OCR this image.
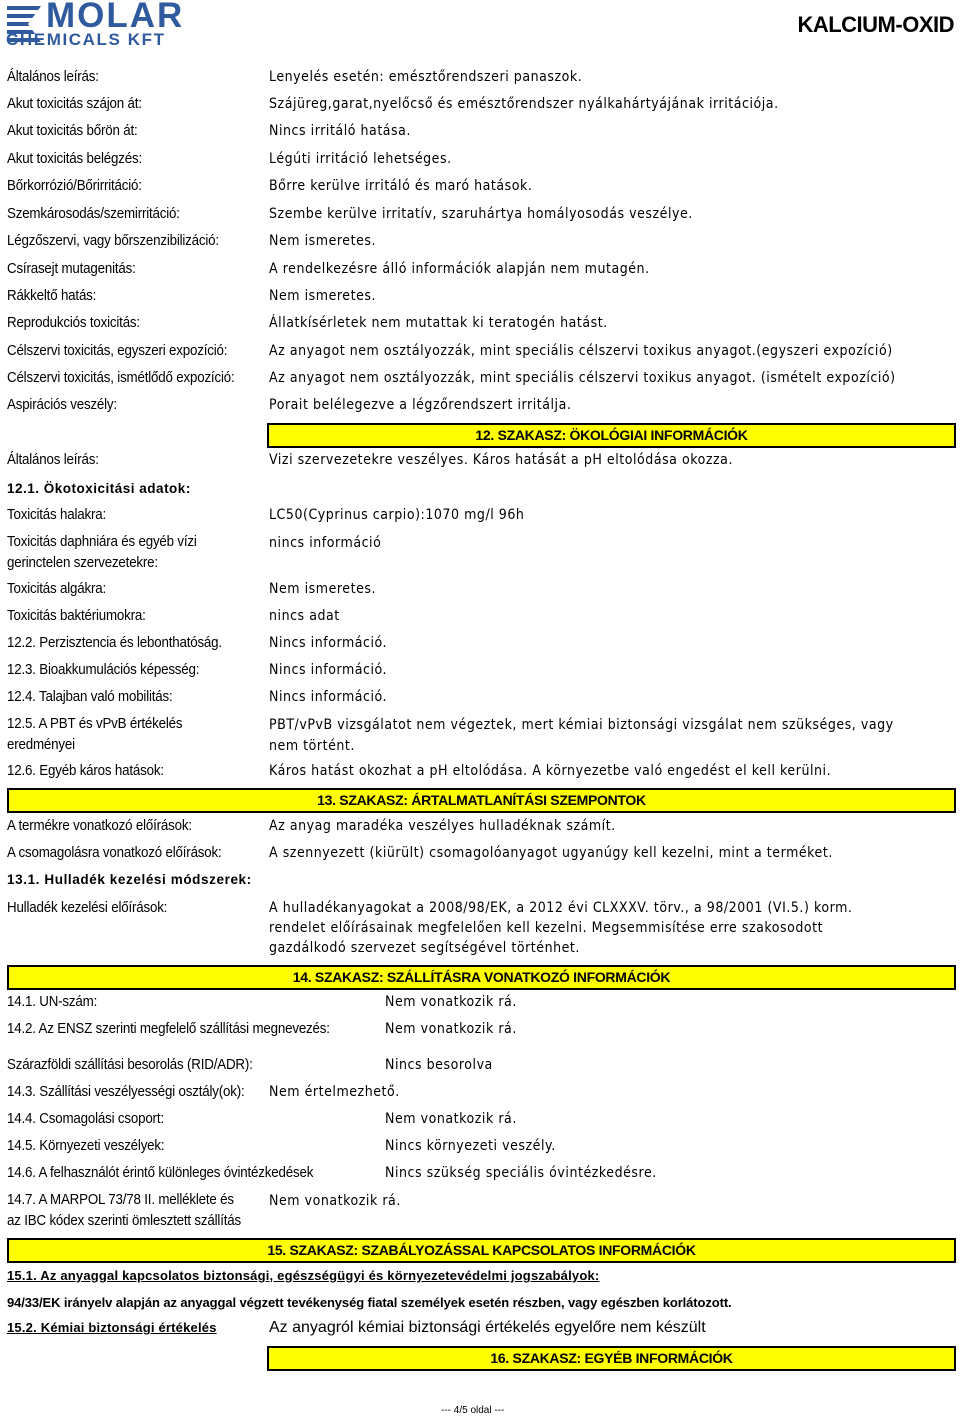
MOLAR
CHEMICALS KFT
KALCIUM-OXID
Általános leírás:	Lenyelés esetén: emésztőrendszeri panaszok.
Akut toxicitás szájon át:	Szájüreg,garat,nyelőcső és emésztőrendszer nyálkahártyájának irritációja.
Akut toxicitás bőrön át:	Nincs irritáló hatása.
Akut toxicitás belégzés:	Légúti irritáció lehetséges.
Bőrkorrózió/Bőrirritáció:	Bőrre kerülve irritáló és maró hatások.
Szemkárosodás/szemirritáció:	Szembe kerülve irritatív, szaruhártya homályosodás veszélye.
Légzőszervi, vagy bőrszenzibilizáció:	Nem ismeretes.
Csírasejt mutagenitás:	A rendelkezésre álló információk alapján nem mutagén.
Rákkeltő hatás:	Nem ismeretes.
Reprodukciós toxicitás:	Állatkísérletek nem mutattak ki teratogén hatást.
Célszervi toxicitás, egyszeri expozíció:	Az anyagot nem osztályozzák, mint speciális célszervi toxikus anyagot.(egyszeri expozíció)
Célszervi toxicitás, ismétlődő expozíció: Az anyagot nem osztályozzák, mint speciális célszervi toxikus anyagot. (ismételt expozíció)
Aspirációs veszély:	Porait belélegezve a légzőrendszert irritálja.
12. SZAKASZ: ÖKOLÓGIAI INFORMÁCIÓK
Általános leírás:	Vizi szervezetekre veszélyes. Káros hatását a pH eltolódása okozza.
12.1. Ökotoxicitási adatok:
Toxicitás halakra:	LC50(Cyprinus carpio):1070 mg/l 96h
Toxicitás daphniára és egyéb vízi
gerinctelen szervezetekre:
nincs információ
Toxicitás algákra:	Nem ismeretes.
Toxicitás baktériumokra:	nincs adat
12.2. Perzisztencia és lebonthatóság.	Nincs információ.
12.3. Bioakkumulációs képesség:	Nincs információ.
12.4. Talajban való mobilitás:	Nincs információ.
12.5. A PBT és vPvB értékelés
eredményei
PBT/vPvB vizsgálatot nem végeztek, mert kémiai biztonsági vizsgálat nem szükséges, vagy
nem történt.
12.6. Egyéb káros hatások:	Káros hatást okozhat a pH eltolódása. A környezetbe való engedést el kell kerülni.
13. SZAKASZ: ÁRTALMATLANÍTÁSI SZEMPONTOK
A termékre vonatkozó előírások:	Az anyag maradéka veszélyes hulladéknak számít.
A csomagolásra vonatkozó előírások:	A szennyezett (kiürült) csomagolóanyagot ugyanúgy kell kezelni, mint a terméket.
13.1. Hulladék kezelési módszerek:
Hulladék kezelési előírások:	A hulladékanyagokat a 2008/98/EK, a 2012 évi CLXXXV. törv., a 98/2001 (VI.5.) korm.
rendelet előírásainak megfelelően kell kezelni. Megsemmisítése erre szakosodott
gazdálkodó szervezet segítségével történhet.
14. SZAKASZ: SZÁLLÍTÁSRA VONATKOZÓ INFORMÁCIÓK
14.1. UN-szám:	Nem vonatkozik rá.
14.2. Az ENSZ szerinti megfelelő szállítási megnevezés:	Nem vonatkozik rá.
Szárazföldi szállítási besorolás (RID/ADR):	Nincs besorolva
14.3. Szállítási veszélyességi osztály(ok): Nem értelmezhető.
14.4. Csomagolási csoport:	Nem vonatkozik rá.
14.5. Környezeti veszélyek:	Nincs környezeti veszély.
14.6. A felhasználót érintő különleges óvintézkedések	Nincs szükség speciális óvintézkedésre.
14.7. A MARPOL 73/78 II. melléklete és
az IBC kódex szerinti ömlesztett szállítás
Nem vonatkozik rá.
15. SZAKASZ: SZABÁLYOZÁSSAL KAPCSOLATOS INFORMÁCIÓK
15.1. Az anyaggal kapcsolatos biztonsági, egészségügyi és környezetevédelmi jogszabályok:
94/33/EK irányelv alapján az anyaggal végzett tevékenység fiatal személyek esetén részben, vagy egészben korlátozott.
15.2. Kémiai biztonsági értékelés	Az anyagról kémiai biztonsági értékelés egyelőre nem készült
16. SZAKASZ: EGYÉB INFORMÁCIÓK
--- 4/5 oldal ---
